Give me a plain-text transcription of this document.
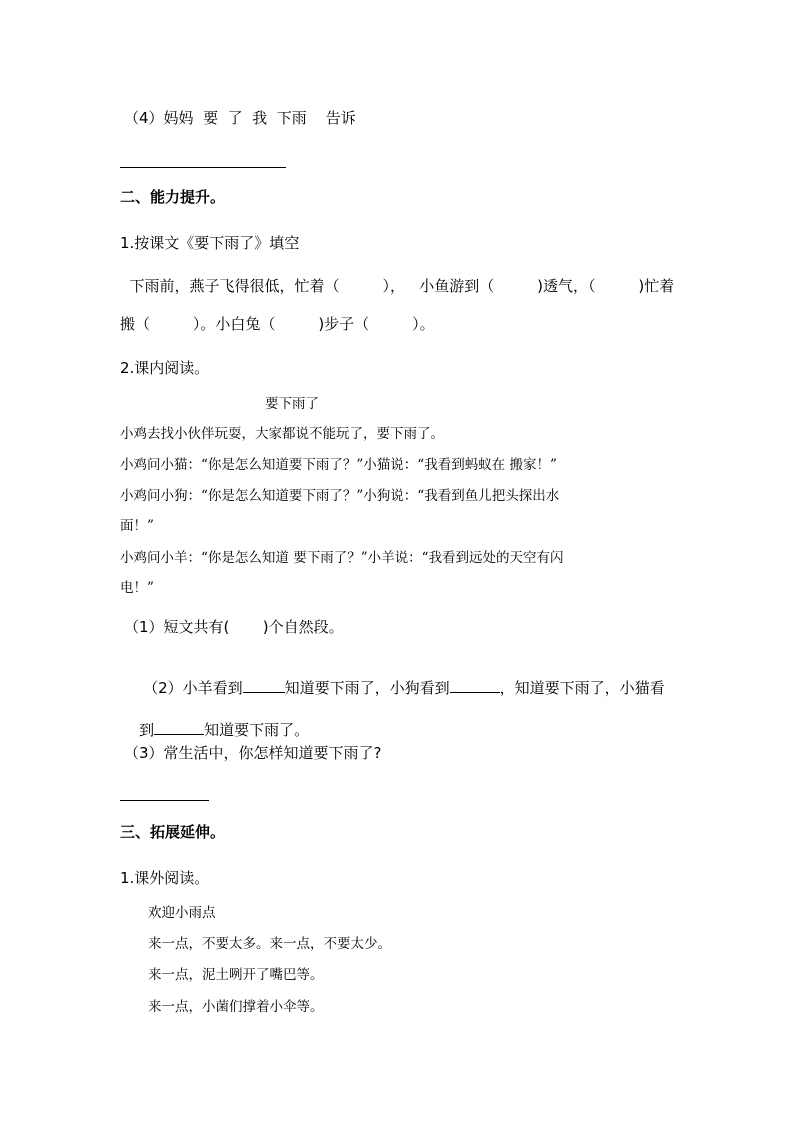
（4）妈妈  要  了  我  下雨    告诉
二、能力提升。
1.按课文《要下雨了》填空
下雨前，燕子飞得很低，忙着（         ），   小鱼游到（         )透气，（         )忙着
搬（         ）。小白兔（         )步子（         ）。
2.课内阅读。
要下雨了
小鸡去找小伙伴玩耍，大家都说不能玩了，要下雨了。
小鸡问小猫：“你是怎么知道要下雨了？”小猫说：“我看到蚂蚁在 搬家！”
小鸡问小狗：“你是怎么知道要下雨了？”小狗说：“我看到鱼儿把头探出水
面！”
小鸡问小羊：“你是怎么知道 要下雨了？”小羊说：“我看到远处的天空有闪
电！”
（1）短文共有(       )个自然段。

（2）小羊看到	知道要下雨了，小狗看到	，知道要下雨了，小猫看

到	知道要下雨了。

（3）常生活中，你怎样知道要下雨了?
三、拓展延伸。
1.课外阅读。
欢迎小雨点
来一点，不要太多。来一点，不要太少。
来一点，泥土咧开了嘴巴等。
来一点，小菌们撑着小伞等。
